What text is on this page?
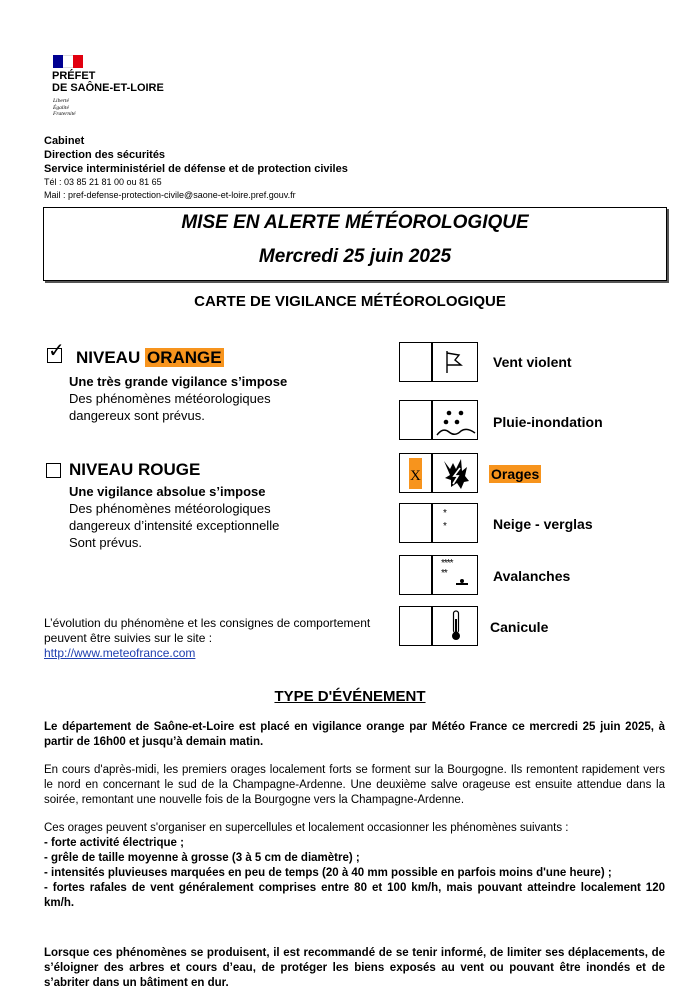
PRÉFET
DE SAÔNE-ET-LOIRE
Liberté
Égalité
Fraternité
Cabinet
Direction des sécurités
Service interministériel de défense et de protection civiles
Tél : 03 85 21 81 00 ou 81 65
Mail : pref-defense-protection-civile@saone-et-loire.pref.gouv.fr
MISE EN ALERTE MÉTÉOROLOGIQUE
Mercredi 25 juin 2025
CARTE DE VIGILANCE MÉTÉOROLOGIQUE
✓ NIVEAU ORANGE
Une très grande vigilance s’impose
Des phénomènes météorologiques
dangereux sont prévus.
NIVEAU ROUGE
Une vigilance absolue s’impose
Des phénomènes météorologiques
dangereux d’intensité exceptionnelle
Sont prévus.
L’évolution du phénomène et les consignes de comportement
peuvent être suivies sur le site :
http://www.meteofrance.com
Vent violent
Pluie-inondation
X	Orages
*
*	Neige - verglas
****
**	Avalanches
Canicule
TYPE D'ÉVÉNEMENT
Le département de Saône-et-Loire est placé en vigilance orange par Météo France ce mercredi 25 juin 2025, à partir de 16h00 et jusqu’à demain matin.
En cours d'après-midi, les premiers orages localement forts se forment sur la Bourgogne. Ils remontent rapidement vers le nord en concernant le sud de la Champagne-Ardenne. Une deuxième salve orageuse est ensuite attendue dans la soirée, remontant une nouvelle fois de la Bourgogne vers la Champagne-Ardenne.

Ces orages peuvent s'organiser en supercellules et localement occasionner les phénomènes suivants :

- forte activité électrique ;

- grêle de taille moyenne à grosse (3 à 5 cm de diamètre) ;

- intensités pluvieuses marquées en peu de temps (20 à 40 mm possible en parfois moins d'une heure) ;

- fortes rafales de vent généralement comprises entre 80 et 100 km/h, mais pouvant atteindre localement 120 km/h.

Lorsque ces phénomènes se produisent, il est recommandé de se tenir informé, de limiter ses déplacements, de s’éloigner des arbres et cours d’eau, de protéger les biens exposés au vent ou pouvant être inondés et de s’abriter dans un bâtiment en dur.
